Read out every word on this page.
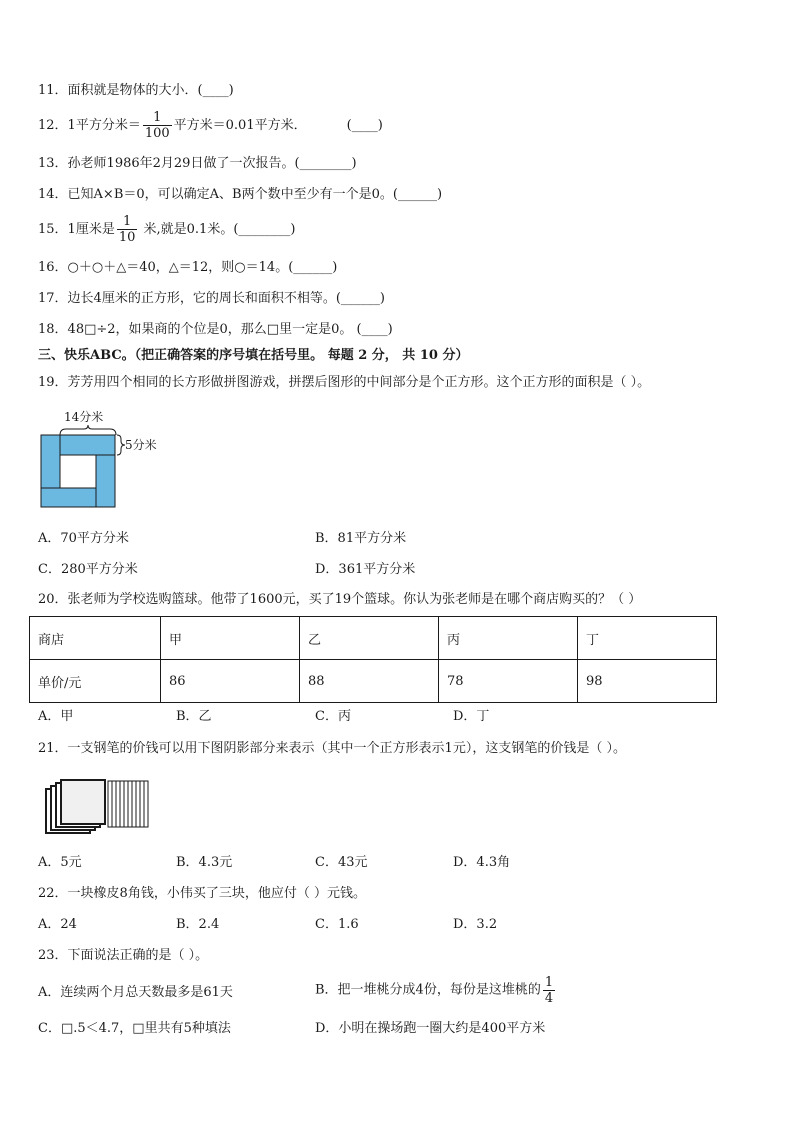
11．面积就是物体的大小．(____)
12．1平方分米＝ $\frac{1}{100}$ 平方米＝0.01平方米．	(____)
13．孙老师1986年2月29日做了一次报告。(________)
14．已知A×B＝0，可以确定A、B两个数中至少有一个是0。(______)
15．1厘米是 $\frac{1}{10}$ 米,就是0.1米。(________)
16．○＋○＋△＝40，△＝12，则○＝14。(______)
17．边长4厘米的正方形，它的周长和面积不相等。(______)
18．48□÷2，如果商的个位是0，那么□里一定是0。 (____)
三、快乐ABC。（把正确答案的序号填在括号里。 每题 2 分， 共 10 分）
19．芳芳用四个相同的长方形做拼图游戏，拼摆后图形的中间部分是个正方形。这个正方形的面积是（ ）。
14分米
5分米
A．70平方分米	B．81平方分米
C．280平方分米	D．361平方分米
20．张老师为学校选购篮球。他带了1600元，买了19个篮球。你认为张老师是在哪个商店购买的？（ ）
商店	甲	乙	丙	丁
单价/元	86	88	78	98
A．甲	B．乙	C．丙	D．丁
21．一支钢笔的价钱可以用下图阴影部分来表示（其中一个正方形表示1元），这支钢笔的价钱是（ ）。
A．5元	B．4.3元	C．43元	D．4.3角
22．一块橡皮8角钱，小伟买了三块，他应付（ ）元钱。
A．24	B．2.4	C．1.6	D．3.2
23．下面说法正确的是（ ）。
A．连续两个月总天数最多是61天	B．把一堆桃分成4份，每份是这堆桃的 $\frac{1}{4}$
C．□.5＜4.7，□里共有5种填法	D．小明在操场跑一圈大约是400平方米
